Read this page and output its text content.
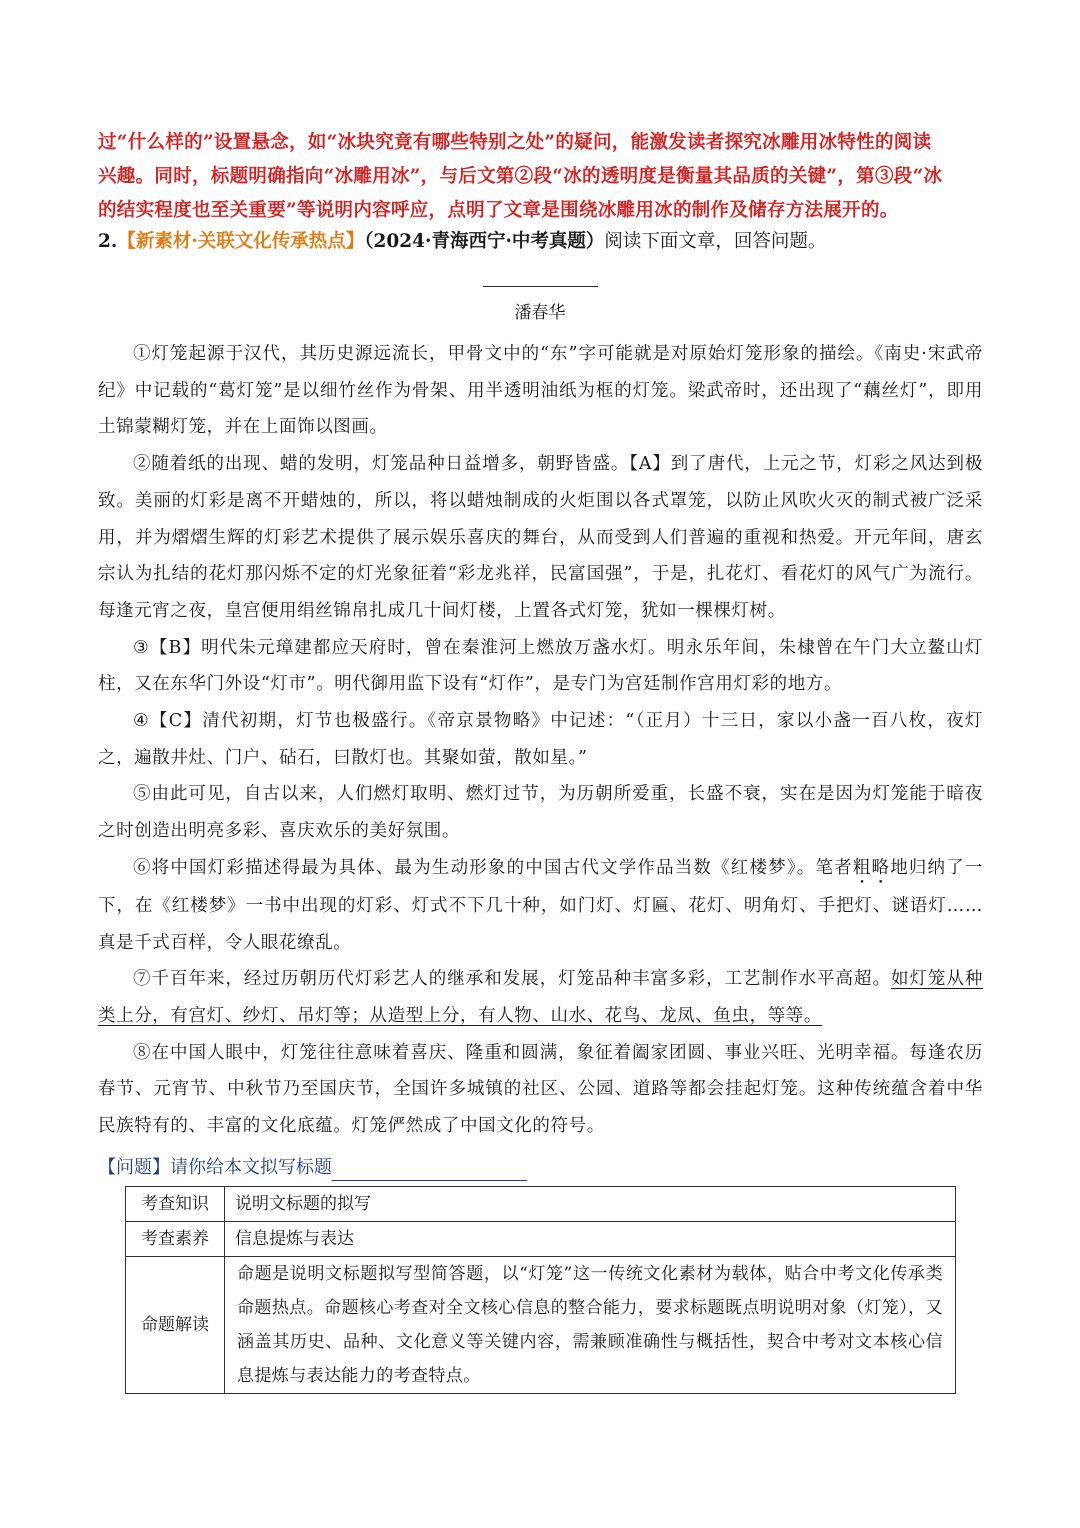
过“什么样的”设置悬念，如“冰块究竟有哪些特别之处”的疑问，能激发读者探究冰雕用冰特性的阅读
兴趣。同时，标题明确指向“冰雕用冰”，与后文第②段“冰的透明度是衡量其品质的关键”，第③段“冰
的结实程度也至关重要”等说明内容呼应，点明了文章是围绕冰雕用冰的制作及储存方法展开的。
2.【新素材·关联文化传承热点】（2024·青海西宁·中考真题）阅读下面文章，回答问题。
潘春华

①灯笼起源于汉代，其历史源远流长，甲骨文中的“东”字可能就是对原始灯笼形象的描绘。《南史·宋武帝纪》中记载的“葛灯笼”是以细竹丝作为骨架、用半透明油纸为框的灯笼。梁武帝时，还出现了“藕丝灯”，即用土锦蒙糊灯笼，并在上面饰以图画。

②随着纸的出现、蜡的发明，灯笼品种日益增多，朝野皆盛。【A】到了唐代，上元之节，灯彩之风达到极致。美丽的灯彩是离不开蜡烛的，所以，将以蜡烛制成的火炬围以各式罩笼，以防止风吹火灭的制式被广泛采用，并为熠熠生辉的灯彩艺术提供了展示娱乐喜庆的舞台，从而受到人们普遍的重视和热爱。开元年间，唐玄宗认为扎结的花灯那闪烁不定的灯光象征着“彩龙兆祥，民富国强”，于是，扎花灯、看花灯的风气广为流行。每逢元宵之夜，皇宫便用绢丝锦帛扎成几十间灯楼，上置各式灯笼，犹如一棵棵灯树。

③【B】明代朱元璋建都应天府时，曾在秦淮河上燃放万盏水灯。明永乐年间，朱棣曾在午门大立鳌山灯柱，又在东华门外设“灯市”。明代御用监下设有“灯作”，是专门为宫廷制作宫用灯彩的地方。

④【C】清代初期，灯节也极盛行。《帝京景物略》中记述：“（正月）十三日，家以小盏一百八枚，夜灯之，遍散井灶、门户、砧石，曰散灯也。其聚如萤，散如星。”

⑤由此可见，自古以来，人们燃灯取明、燃灯过节，为历朝所爱重，长盛不衰，实在是因为灯笼能于暗夜之时创造出明亮多彩、喜庆欢乐的美好氛围。

⑥将中国灯彩描述得最为具体、最为生动形象的中国古代文学作品当数《红楼梦》。笔者粗略地归纳了一下，在《红楼梦》一书中出现的灯彩、灯式不下几十种，如门灯、灯匾、花灯、明角灯、手把灯、谜语灯……真是千式百样，令人眼花缭乱。

⑦千百年来，经过历朝历代灯彩艺人的继承和发展，灯笼品种丰富多彩，工艺制作水平高超。如灯笼从种类上分，有宫灯、纱灯、吊灯等；从造型上分，有人物、山水、花鸟、龙凤、鱼虫，等等。

⑧在中国人眼中，灯笼往往意味着喜庆、隆重和圆满，象征着阖家团圆、事业兴旺、光明幸福。每逢农历春节、元宵节、中秋节乃至国庆节，全国许多城镇的社区、公园、道路等都会挂起灯笼。这种传统蕴含着中华民族特有的、丰富的文化底蕴。灯笼俨然成了中国文化的符号。

【问题】请你给本文拟写标题
考查知识	说明文标题的拟写
考查素养	信息提炼与表达
命题解读	命题是说明文标题拟写型简答题，以“灯笼”这一传统文化素材为载体，贴合中考文化传承类命题热点。命题核心考查对全文核心信息的整合能力，要求标题既点明说明对象（灯笼），又涵盖其历史、品种、文化意义等关键内容，需兼顾准确性与概括性，契合中考对文本核心信息提炼与表达能力的考查特点。
